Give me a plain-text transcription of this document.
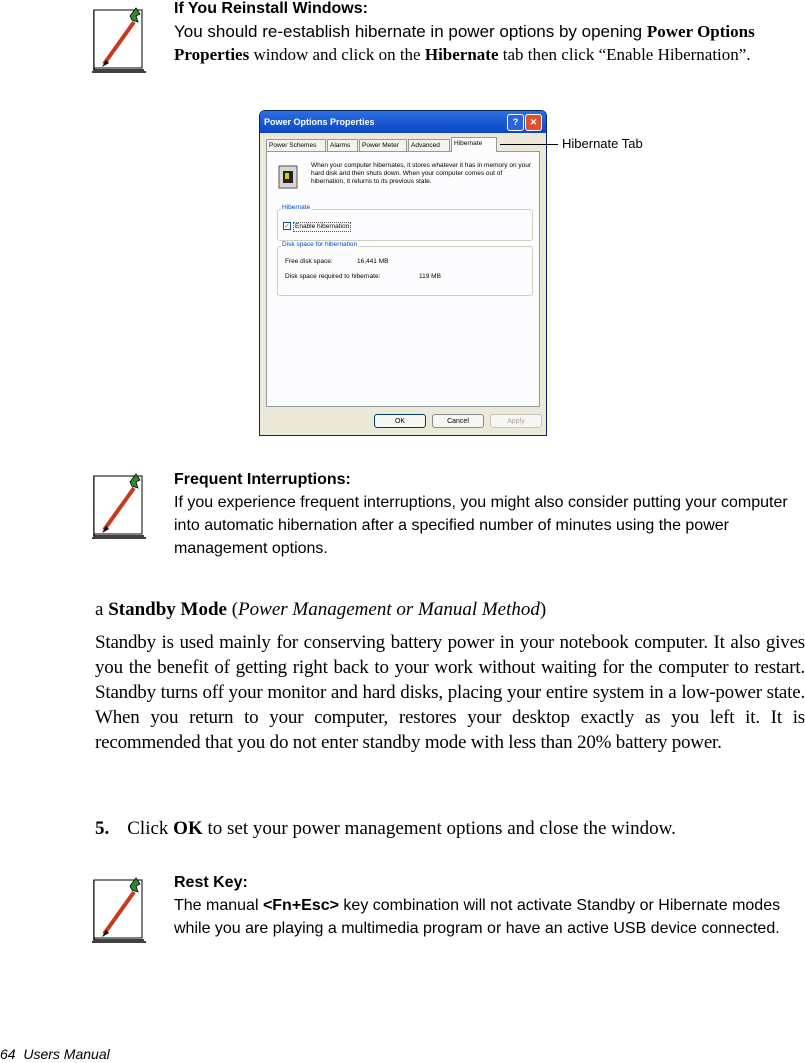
If You Reinstall Windows:
You should re-establish hibernate in power options by opening Power Options Properties window and click on the Hibernate tab then click “Enable Hibernation”.
Power Options Properties	?	✕
Power Schemes	Alarms	Power Meter	Advanced	Hibernate
When your computer hibernates, it stores whatever it has in memory on your hard disk and then shuts down. When your computer comes out of hibernation, it returns to its previous state.
Hibernate
✓ Enable hibernation
Disk space for hibernation
Free disk space:	16,441 MB
Disk space required to hibernate:	119 MB
OK	Cancel	Apply
Hibernate Tab
Frequent Interruptions:
If you experience frequent interruptions, you might also consider putting your computer into automatic hibernation after a specified number of minutes using the power management options.
a Standby Mode (Power Management or Manual Method)
Standby is used mainly for conserving battery power in your notebook computer. It also gives you the benefit of getting right back to your work without waiting for the computer to restart. Standby turns off your monitor and hard disks, placing your entire system in a low-power state. When you return to your computer, restores your desktop exactly as you left it. It is recommended that you do not enter standby mode with less than 20% battery power.
5. Click OK to set your power management options and close the window.
Rest Key:
The manual <Fn+Esc> key combination will not activate Standby or Hibernate modes while you are playing a multimedia program or have an active USB device connected.
64  Users Manual
